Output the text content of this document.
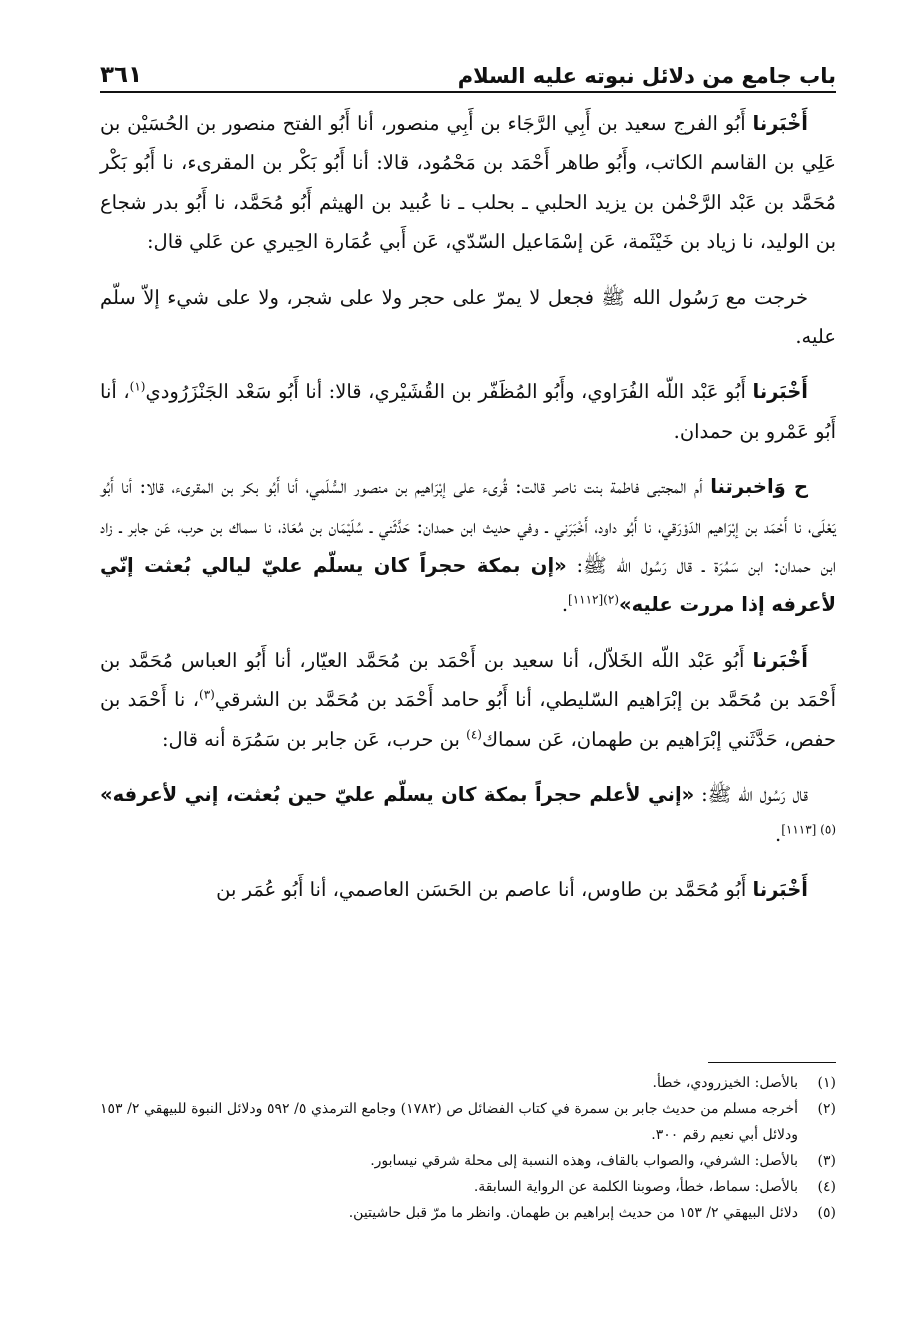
باب جامع من دلائل نبوته عليه السلام
٣٦١

أَخْبَرنا أَبُو الفرج سعيد بن أَبِي الرَّجَاء بن أَبِي منصور، أنا أَبُو الفتح منصور بن الحُسَيْن بن عَلِي بن القاسم الكاتب، وأَبُو طاهر أَحْمَد بن مَحْمُود، قالا: أنا أَبُو بَكْر بن المقرىء، نا أَبُو بَكْر مُحَمَّد بن عَبْد الرَّحْمٰن بن يزيد الحلبي ـ بحلب ـ نا عُبيد بن الهيثم أَبُو مُحَمَّد، نا أَبُو بدر شجاع بن الوليد، نا زياد بن خَيْثَمة، عَن إسْمَاعيل السّدّي، عَن أَبي عُمَارة الحِيري عن عَلي قال:

خرجت مع رَسُول الله ﷺ فجعل لا يمرّ على حجر ولا على شجر، ولا على شيء إلاّ سلّم عليه.

أَخْبَرنا أَبُو عَبْد اللّه الفُرَاوي، وأَبُو المُظَفّر بن القُشَيْري، قالا: أنا أَبُو سَعْد الجَنْزَرُودي$^{(١)}$، أنا أَبُو عَمْرو بن حمدان.

ح وَاخبرتنا أم المجتبى فاطمة بنت ناصر قالت: قُرىء على إبْرَاهيم بن منصور السُّلَمي، أنا أَبُو بكر بن المقرىء، قالا: أنا أَبُو يَعْلَى، نا أَحْمَد بن إبْرَاهيم الدَوْرَقي، نا أَبُو داود، أَخْبَرَني ـ وفي حديث ابن حمدان: حَدَّثَني ـ سُلَيْمَان بن مُعَاذ، نا سماك بن حرب، عَن جابر ـ زاد ابن حمدان: ابن سَمُرَة ـ قال رَسُول الله ﷺ: «إن بمكة حجراً كان يسلّم عليّ ليالي بُعثت إنّي لأعرفه إذا مررت عليه»$^{(٢)[١١١٢]}$.

أَخْبَرنا أَبُو عَبْد اللّه الخَلاّل، أنا سعيد بن أَحْمَد بن مُحَمَّد العيّار، أنا أَبُو العباس مُحَمَّد بن أَحْمَد بن مُحَمَّد بن إبْرَاهيم السّليطي، أنا أَبُو حامد أَحْمَد بن مُحَمَّد بن الشرقي$^{(٣)}$، نا أَحْمَد بن حفص، حَدَّثَني إبْرَاهيم بن طهمان، عَن سماك$^{(٤)}$ بن حرب، عَن جابر بن سَمُرَة أنه قال:

قال رَسُول الله ﷺ: «إني لأعلم حجراً بمكة كان يسلّم عليّ حين بُعثت، إني لأعرفه» $^{(٥) [١١١٣]}$.

أَخْبَرنا أَبُو مُحَمَّد بن طاوس، أنا عاصم بن الحَسَن العاصمي، أنا أَبُو عُمَر بن

(١)
بالأصل: الخيزرودي، خطأ.
(٢)
أخرجه مسلم من حديث جابر بن سمرة في كتاب الفضائل ص (١٧٨٢) وجامع الترمذي ٥/ ٥٩٢ ودلائل النبوة للبيهقي ٢/ ١٥٣ ودلائل أبي نعيم رقم ٣٠٠.
(٣)
بالأصل: الشرفي، والصواب بالقاف، وهذه النسبة إلى محلة شرقي نيسابور.
(٤)
بالأصل: سماط، خطأ، وصوبنا الكلمة عن الرواية السابقة.
(٥)
دلائل البيهقي ٢/ ١٥٣ من حديث إبراهيم بن طهمان. وانظر ما مرّ قبل حاشيتين.
